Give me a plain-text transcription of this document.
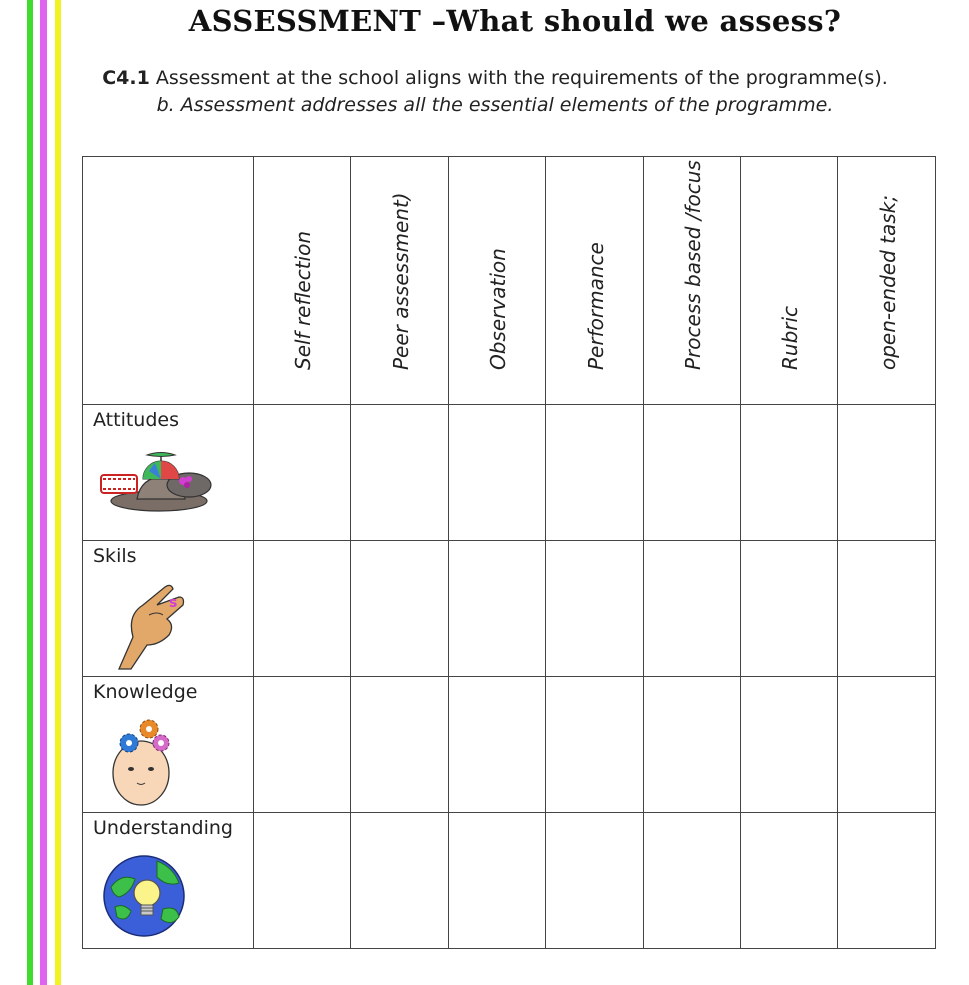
ASSESSMENT –What should we assess?
C4.1 Assessment at the school aligns with the requirements of the programme(s).
b. Assessment addresses all the essential elements of the programme.

	Self reflection	Peer assessment)	Observation	Performance	Process based /focus	Rubric	open-ended task;

Attitudes							

Skils
s							

Knowledge							

Understanding							
